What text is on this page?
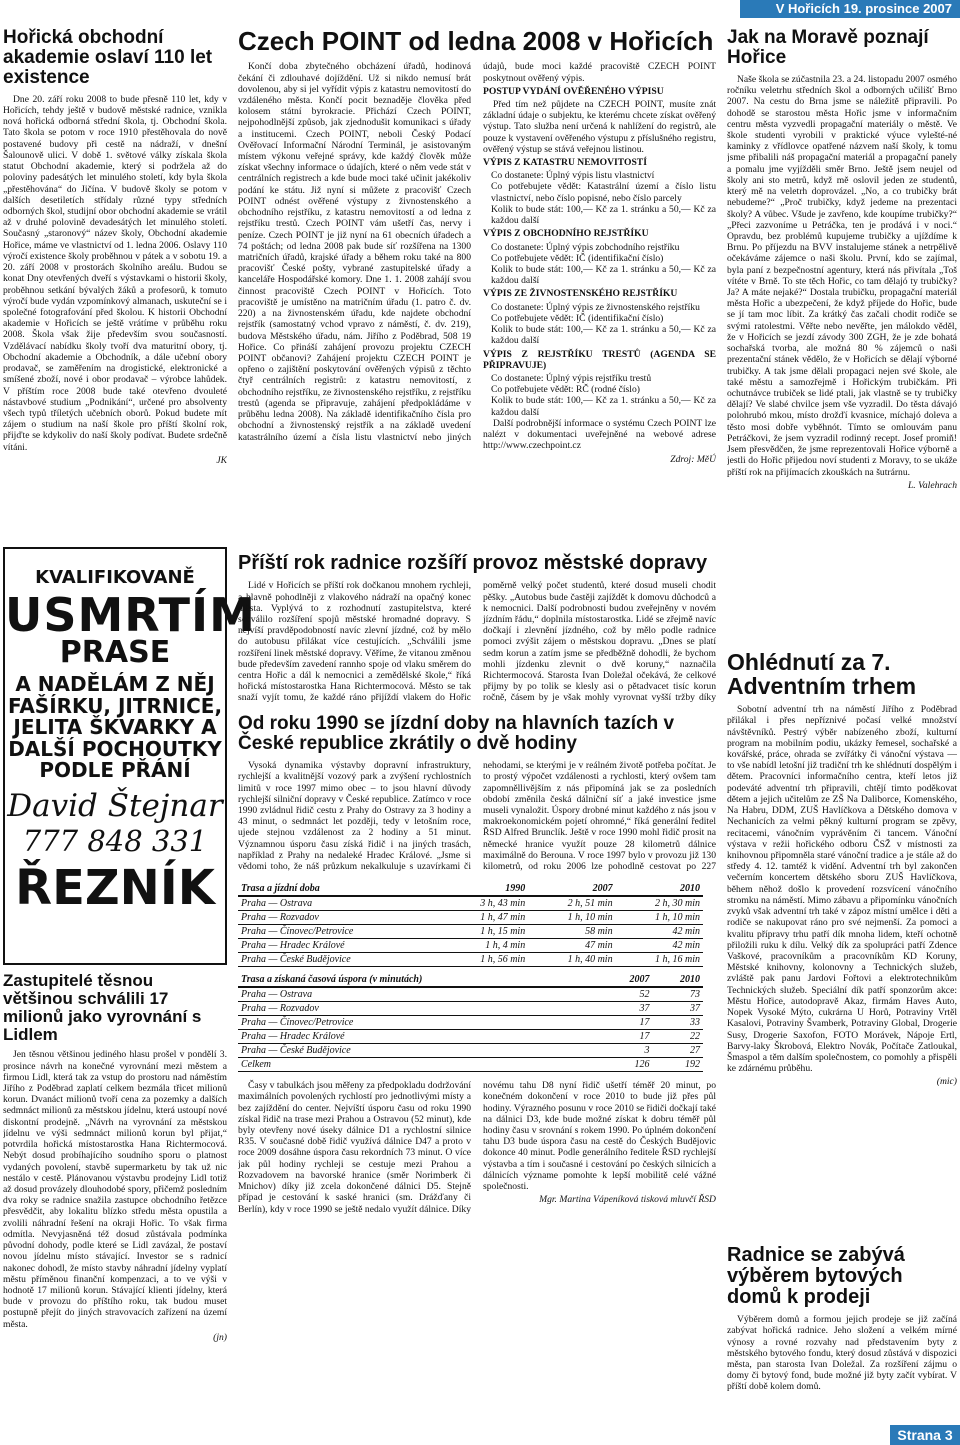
V Hořicích 19. prosince 2007
Hořická obchodní akademie oslaví 110 let existence

Dne 20. září roku 2008 to bude přesně 110 let, kdy v Hořicích, tehdy ještě v budově městské radnice, vznikla nová hořická odborná střední škola, tj. Obchodní škola. Tato škola se potom v roce 1910 přestěhovala do nově postavené budovy při cestě na nádraží, v dnešní Šalounově ulici. V době 1. světové války získala škola statut Obchodní akademie, který si podržela až do poloviny padesátých let minulého století, kdy byla škola „přestěhována“ do Jičína. V budově školy se potom v dalších desetiletích střídaly různé typy středních odborných škol, studijní obor obchodní akademie se vrátil až v druhé polovině devadesátých let minulého století. Současný „staronový“ název školy, Obchodní akademie Hořice, máme ve vlastnictví od 1. ledna 2006. Oslavy 110 výročí existence školy proběhnou v pátek a v sobotu 19. a 20. září 2008 v prostorách školního areálu. Budou se konat Dny otevřených dveří s výstavkami o historii školy, proběhnou setkání bývalých žáků a profesorů, k tomuto výročí bude vydán vzpomínkový almanach, uskuteční se i společné fotografování před školou. K historii Obchodní akademie v Hořicích se ještě vrátíme v průběhu roku 2008. Škola však žije především svou současností. Vzdělávací nabídku školy tvoří dva maturitní obory, tj. Obchodní akademie a Obchodník, a dále učební obory prodavač, se zaměřením na drogistické, elektronické a smíšené zboží, nové i obor prodavač – výrobce lahůdek. V příštím roce 2008 bude také otevřeno dvouleté nástavbové studium „Podnikání“, určené pro absolventy všech typů tříletých učebních oborů. Pokud budete mít zájem o studium na naší škole pro příští školní rok, přijďte se kdykoliv do naší školy podívat. Budete srdečně vítáni.

JK

KVALIFIKOVANĚ
USMRTÍM
PRASE
A NADĚLÁM Z NĚJ FAŠÍRKU, JITRNICE, JELITA ŠKVARKY A DALŠÍ POCHOUTKY PODLE PŘÁNÍ
David Štejnar
777 848 331
ŘEZNÍK
Zastupitelé těsnou většinou schválili 17 milionů jako vyrovnání s Lidlem

Jen těsnou většinou jediného hlasu prošel v pondělí 3. prosince návrh na konečné vyrovnání mezi městem a firmou Lidl, která tak za vstup do prostoru nad náměstím Jiřího z Poděbrad zaplatí celkem bezmála třicet milionů korun. Dvanáct milionů tvoří cena za pozemky a dalších sedmnáct milionů za městskou jídelnu, která ustoupí nové diskontní prodejně. „Návrh na vyrovnání za městskou jídelnu ve výši sedmnáct milionů korun byl přijat,“ potvrdila hořická místostarostka Hana Richtermocová. Nebýt dosud probíhajícího soudního sporu o platnost vydaných povolení, stavbě supermarketu by tak už nic nestálo v cestě. Plánovanou výstavbu prodejny Lidl totiž až dosud provázely dlouhodobé spory, přičemž posledním dva roky se radnice snažila zastupce obchodního řetězce přesvědčit, aby lokalitu blízko středu města opustila a zvolili náhradní řešení na okraji Hořic. To však firma odmítla. Nevyjasněná též dosud zůstávala podmínka původní dohody, podle které se Lidl zavázal, že postaví novou jídelnu místo stávající. Investor se s radnicí nakonec dohodl, že místo stavby náhradní jídelny vyplatí městu příměnou finanční kompenzaci, a to ve výši v hodnotě 17 milionů korun. Stávající klienti jídelny, která bude v provozu do příštího roku, tak budou muset postupně přejít do jiných stravovacích zařízení na území města.

(jn)

Czech POINT od ledna 2008 v Hořicích

Končí doba zbytečného obcházení úřadů, hodinová čekání či zdlouhavé dojíždění. Už si nikdo nemusí brát dovolenou, aby si jel vyřídit výpis z katastru nemovitostí do vzdáleného města. Končí pocit beznaděje člověka před kolosem státní byrokracie. Přichází Czech POINT, nejpohodlnější způsob, jak zjednodušit komunikaci s úřady a institucemi. Czech POINT, neboli Český Podací Ověřovací Informační Národní Terminál, je asistovaným místem výkonu veřejné správy, kde každý člověk může získat všechny informace o údajích, které o něm vede stát v centrálních registrech a kde bude moci také učinit jakékoliv podání ke státu. Již nyní si můžete z pracovišť Czech POINT odnést ověřené výstupy z živnostenského a obchodního rejstříku, z katastru nemovitostí a od ledna z rejstříku trestů. Czech POINT vám ušetří čas, nervy i peníze. Czech POINT je již nyní na 61 obecních úřadech a 74 poštách; od ledna 2008 pak bude síť rozšířena na 1300 matričních úřadů, krajské úřady a během roku také na 800 pracovišť České pošty, vybrané zastupitelské úřady a kanceláře Hospodářské komory. Dne 1. 1. 2008 zahájí svou činnost pracoviště Czech POINT v Hořicích. Toto pracoviště je umístěno na matričním úřadu (1. patro č. dv. 220) a na živnostenském úřadu, kde najdete obchodní rejstřík (samostatný vchod vpravo z náměstí, č. dv. 219), budova Městského úřadu, nám. Jiřího z Poděbrad, 508 19 Hořice. Co přináší zahájení provozu projektu CZECH POINT občanovi? Zahájení projektu CZECH POINT je opřeno o zajištění poskytování ověřených výpisů z těchto čtyř centrálních registrů: z katastru nemovitostí, z obchodního rejstříku, ze živnostenského rejstříku, z rejstříku trestů (agenda se připravuje, zahájení předpokládáme v průběhu ledna 2008). Na základě identifikačního čísla pro obchodní a živnostenský rejstřík a na základě uvedení katastrálního území a čísla listu vlastnictví nebo jiných údajů, bude moci každé pracoviště CZECH POINT poskytnout ověřený výpis.

POSTUP VYDÁNÍ OVĚŘENÉHO VÝPISU

Před tím než půjdete na CZECH POINT, musíte znát základní údaje o subjektu, ke kterému chcete získat ověřený výstup. Tato služba není určená k nahlížení do registrů, ale pouze k vystavení ověřeného výstupu z příslušného registru, ověřený výstup se stává veřejnou listinou.

VÝPIS Z KATASTRU NEMOVITOSTÍ
Co dostanete: Úplný výpis listu vlastnictví
Co potřebujete vědět: Katastrální území a číslo listu vlastnictví, nebo číslo popisné, nebo číslo parcely
Kolik to bude stát: 100,— Kč za 1. stránku a 50,— Kč za každou další
VÝPIS Z OBCHODNÍHO REJSTŘÍKU
Co dostanete: Úplný výpis zobchodního rejstříku
Co potřebujete vědět: IČ (identifikační číslo)
Kolik to bude stát: 100,— Kč za 1. stránku a 50,— Kč za každou další
VÝPIS ZE ŽIVNOSTENSKÉHO REJSTŘÍKU
Co dostanete: Úplný výpis ze živnostenského rejstříku
Co potřebujete vědět: IČ (identifikační číslo)
Kolik to bude stát: 100,— Kč za 1. stránku a 50,— Kč za každou další
VÝPIS Z REJSTŘÍKU TRESTŮ (AGENDA SE PŘIPRAVUJE)
Co dostanete: Úplný výpis rejstříku trestů
Co potřebujete vědět: RČ (rodné číslo)
Kolik to bude stát: 100,— Kč za 1. stránku a 50,— Kč za každou další

Další podrobnější informace o systému Czech POINT lze nalézt v dokumentaci uveřejněné na webové adrese http://www.czechpoint.cz

Zdroj: MěÚ

Příští rok radnice rozšíří provoz městské dopravy

Lidé v Hořicích se příští rok dočkanou mnohem rychleji, a hlavně pohodlněji z vlakového nádraží na opačný konec města. Vyplývá to z rozhodnutí zastupitelstva, které schválilo rozšíření spojů městské hromadné dopravy. S nejvíší pravděpodobností navíc zlevní jízdné, což by mělo do autobusu přilákat více cestujících. „Schválili jsme rozšíření linek městské dopravy. Věříme, že vitanou změnou bude především zavedení rannho spoje od vlaku směrem do centra Hořic a dál k nemocnici a zemědělské škole,“ říká hořická místostarostka Hana Richtermocová. Město se tak snaží vyjít tomu, že každé ráno přijíždí vlakem do Hořic poměrně velký počet studentů, které dosud museli chodit pěšky. „Autobus bude častěji zajíždět k domovu důchodců a k nemocnici. Další podrobnosti budou zveřejněny v novém jízdním řádu,“ doplnila místostarostka. Lidé se zřejmě navíc dočkají i zlevnění jízdného, což by mělo podle radnice pomoci zvýšit zájem o městskou dopravu. „Dnes se platí sedm korun a zatím jsme se předběžně dohodli, že bychom mohli jízdenku zlevnit o dvě koruny,“ naznačila Richtermocová. Starosta Ivan Doležal očekává, že celkové přijmy by po tolik se klesly asi o pětadvacet tisíc korun ročně, čásem by je však mohly vyrovnat vyšší tržby díky

Od roku 1990 se jízdní doby na hlavních tazích v České republice zkrátily o dvě hodiny

Vysoká dynamika výstavby dopravní infrastruktury, rychlejší a kvalitnější vozový park a zvýšení rychlostních limitů v roce 1997 mimo obec – to jsou hlavní důvody rychlejší silniční dopravy v České republice. Zatímco v roce 1990 zvládnul řidič cestu z Prahy do Ostravy za 3 hodiny a 43 minut, o sedmnáct let později, tedy v letošním roce, ujede stejnou vzdálenost za 2 hodiny a 51 minut. Významnou úsporu času získá řidič i na jiných trasách, například z Prahy na nedaleké Hradec Králové. „Jsme si vědomi toho, že náš průzkum nekalkuluje s uzavírkami či nehodami, se kterými je v reálném životě potřeba počítat. Je to prostý výpočet vzdálenosti a rychlosti, který ovšem tam zapomněllivějším z nás připomíná jak se za posledních období změnila česká dálniční síť a jaké investice jsme museli vynaložit. Úspory drobné minut každého z nás jsou v makroekonomickém pojetí ohromné,“ říká generální ředitel ŘSD Alfred Brunclík. Ještě v roce 1990 mohl řidič prosit na německé hranice využít pouze 28 kilometrů dálnice maximálně do Berouna. V roce 1997 bylo v provozu již 130 kilometrů, od roku 2006 lze pohodlně cestovat po 227

Trasa a jízdní doba	1990	2007	2010
Praha — Ostrava	3 h, 43 min	2 h, 51 min	2 h, 30 min
Praha — Rozvadov	1 h, 47 min	1 h, 10 min	1 h, 10 min
Praha — Čínovec/Petrovice	1 h, 15 min	58 min	42 min
Praha — Hradec Králové	1 h, 4 min	47 min	42 min
Praha — České Budějovice	1 h, 56 min	1 h, 40 min	1 h, 16 min
Trasa a získaná časová úspora (v minutách)	2007	2010
Praha — Ostrava	52	73
Praha — Rozvadov	37	37
Praha — Čínovec/Petrovice	17	33
Praha — Hradec Králové	17	22
Praha — České Budějovice	3	27
Celkem	126	192

Časy v tabulkách jsou měřeny za předpokladu dodržování maximálních povolených rychlostí pro jednotlivými místy a bez zajíždění do center. Nejvíští úsporu času od roku 1990 získal řidič na trase mezi Prahou a Ostravou (52 minut), kde byly otevřeny nové úseky dálnice D1 a rychlostní silnice R35. V současné době řidič využívá dálnice D47 a proto v roce 2009 dosáhne úspora času rekordních 73 minut. O více jak půl hodiny rychleji se cestuje mezi Prahou a Rozvadovem na bavorské hranice (směr Norimberk či Mnichov) díky již zcela dokončené dálnici D5. Stejně případ je cestování k saské hranici (sm. Drážďany či Berlín), kdy v roce 1990 se ještě nedalo využít dálnice. Díky novému tahu D8 nyní řidič ušetří téměř 20 minut, po konečném dokončení v roce 2010 to bude již přes půl hodiny. Výrazného posunu v roce 2010 se řidiči dočkají také na dálnici D3, kde bude možné získat k dobru téměř půl hodiny času v srovnání s rokem 1990. Po úplném dokončení tahu D3 bude úspora času na cestě do Českých Budějovic dokonce 40 minut. Podle generálního ředitele ŘSD rychlejší výstavba a tím i současné i cestování po českých silnicích a dálnicích význame pomohte k lepší mobilitě celé vážné společnosti.

Mgr. Martina Vápeníková tisková mluvčí ŘSD

Jak na Moravě poznají Hořice

Naše škola se zúčastnila 23. a 24. listopadu 2007 osmého ročníku veletrhu středních škol a odborných učilišť Brno 2007. Na cestu do Brna jsme se náležitě připravili. Po dohodě se starostou města Hořic jsme v informačním centru města vyzvedli propagační materiály o městě. Ve škole studenti vyrobili v praktické výuce vylešté-né kaminky z vřídlovce opatřené názvem naší školy, k tomu jsme přibalili náš propagační materiál a propagační panely a pomalu jme vyjížděli směr Brno. Ještě jsem neujel od školy ani sto metrů, když mě oslovil jeden ze studentů, který mě na veletrh doprovázel. „No, a co trubičky brát nebudeme?“ „Proč trubičky, když jedeme na prezentaci školy? A vůbec. Všude je zavřeno, kde koupíme trubičky?“ „Přeci zazvoníme u Petráčka, ten je prodává i v noci.“ Opravdu, bez problémů kupujeme trubičky a ujíždíme k Brnu. Po příjezdu na BVV instalujeme stánek a netrpělivě očekáváme zájemce o naši školu. První, kdo se zajímal, byla paní z bezpečnostní agentury, která nás přivítala „Toš vítéte v Brně. To ste těch Hořic, co tam dělajó ty trubičky? Ja? A máte nejaké?“ Dostala trubičku, propagační materiál města Hořic a ubezpečení, že když příjede do Hořic, bude se jí tam moc líbit. Za krátký čas začali chodit rodiče se svými ratolestmi. Věřte nebo nevěřte, jen málokdo věděl, že v Hořicích se jezdí závody 300 ZGH, že je zde bohatá sochařská tvorba, ale možná 80 % zájemců o naši prezentační stánek vědělo, že v Hořicích se dělají výborné trubičky. A tak jsme dělali propagaci nejen své škole, ale také městu a samozřejmě i Hořickým trubičkám. Při ochutnávce trubiček se lidé ptali, jak vlastně se ty trubičky dělají? Ve slabé chvilce jsem vše vyzradil. Do těsta dávajó polohrubó mkou, místo drožďí kvasnice, míchajó doleva a těsto mosi dobře vyběhnót. Tímto se omlouvám panu Petráčkovi, že jsem vyzradil rodinný recept. Josef promiň! Jsem přesvědčen, že jsme reprezentovali Hořice výborně a jestli do Hořic přijedou noví studenti z Moravy, to se ukáže příští rok na přijímacích zkouškách na šutrárnu.

L. Valehrach

Ohlédnutí za 7. Adventním trhem

Sobotní adventní trh na náměstí Jiřího z Poděbrad přilákal i přes nepříznivé počasí velké množství návštěvníků. Pestrý výběr nabízeného zboží, kulturní program na mobilním podiu, ukázky řemesel, sochařské a kovářské, práce, ohrada se zvířátky či vánoční výstava — to vše nabídl letošní již tradiční trh ke shlédnutí dospělým i dětem. Pracovníci informačního centra, kteří letos již podeváté adventní trh připravili, chtějí timto poděkovat dětem a jejich učitelům ze ZŠ Na Daliborce, Komenského, Na Habru, DDM, ZUŠ Havlíčkova a Dětského domova v Nechanicích za velmi pěkný kulturní program se zpěvy, recitacemi, vánočním vyprávěním či tancem. Vánoční výstava v režii hořického odboru ČSŽ v místnosti za knihovnou připomněla staré vánoční tradice a je stále až do středy 4. 12. tamtéž k vidění. Adventní trh byl zakončen večerním koncertem dětského sboru ZUŠ Havlíčkova, během něhož došlo k provedení rozsvícení vánočního stromku na náměstí. Mimo zábavu a připomínku vánočních zvyků však adventní trh také v zápoz místní umělce i děti a rodiče se nakupovat ráno pro své nejmenší. Za pomoci a kvalitu přípravy trhu patří dík mnoha lidem, kteří ochotně přiložili ruku k dílu. Velký dík za spolupráci patří Zdence Vaškové, pracovníkům a pracovníkům KD Koruny, Městské knihovny, kolonovny a Technických služeb, zvláště pak panu Jardovi Fořtovi a elektrotechnikům Technických služeb. Speciální dík patří sponzorům akce: Městu Hořice, autodopravě Akaz, firmám Haves Auto, Nopek Vysoké Mýto, cukrárna U Horů, Potraviny Vrtěl Kasalovi, Potraviny Švamberk, Potraviny Global, Drogerie Susy, Drogerie Saxofon, FOTO Morávek, Nápoje Ertl, Barvy-laky Škrobová, Elektro Novák, Počítače Zatloukal, Šmaspol a těm dalším společnostem, co pomohly a přispěli ke zdárnému průběhu.

(mic)

Radnice se zabývá výběrem bytových domů k prodeji

Výběrem domů a formou jejich prodeje se již začíná zabývat hořická radnice. Jeho složení a velkém mírné výnosy a rovné rozvahy nad představením byty z městského bytového fondu, který dosud zůstává v dispozici města, pan starosta Ivan Doležal. Za rozšíření zájmu o domy či bytový fond, bude možné již byty začít vybírat. V příští době kolem domů.

Strana 3
